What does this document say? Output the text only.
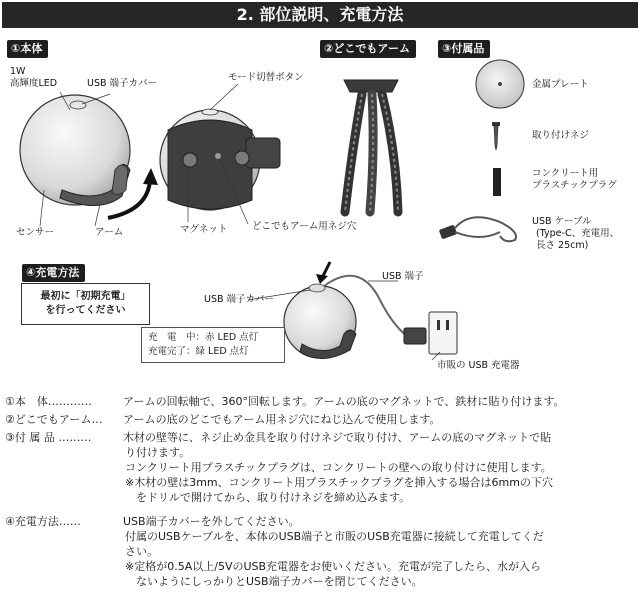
2. 部位説明、充電方法
①本体	②どこでもアーム	③付属品
④充電方法
1W
高輝度LED	USB 端子カバー
モード切替ボタン
センサー	アーム	マグネット	どこでもアーム用ネジ穴
金属プレート
取り付けネジ
コンクリート用
プラスチックプラグ
USB ケーブル
(Type-C、充電用、
長さ 25cm)
USB 端子
USB 端子カバー
市販の USB 充電器
最初に「初期充電」
を行ってください
充　電　中：赤 LED 点灯
充電完了：緑 LED 点灯
①本　体…………	アームの回転軸で、360°回転します。アームの底のマグネットで、鉄材に貼り付けます。
②どこでもアーム… アームの底のどこでもアーム用ネジ穴にねじ込んで使用します。
③付 属 品 ………	木材の壁等に、ネジ止め金具を取り付けネジで取り付け、アームの底のマグネットで貼
り付けます。
コンクリート用プラスチックプラグは、コンクリートの壁への取り付けに使用します。
※木材の壁は3mm、コンクリート用プラスチックプラグを挿入する場合は6mmの下穴
　をドリルで開けてから、取り付けネジを締め込みます。
④充電方法……	USB端子カバーを外してください。
付属のUSBケーブルを、本体のUSB端子と市販のUSB充電器に接続して充電してくだ
さい。
※定格が0.5A以上/5VのUSB充電器をお使いください。充電が完了したら、水が入ら
　ないようにしっかりとUSB端子カバーを閉じてください。
